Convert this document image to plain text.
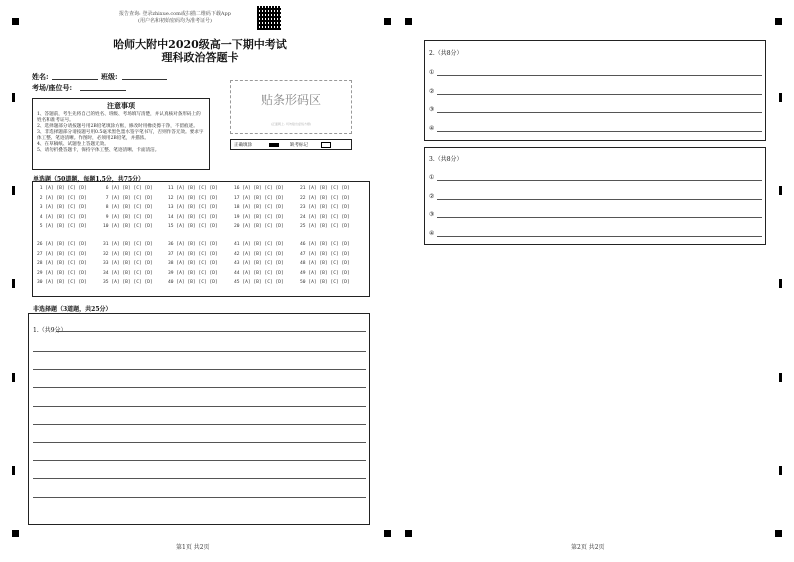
报告查询: 登录zhixue.com或扫描二维码下载App
(用户名和初始密码均为准考证号)
哈师大附中2020级高一下期中考试
理科政治答题卡
姓名:	班级:
考场/座位号:
注意事项
1、答题前，考生先将自己的姓名、班级、考场填写清楚，并认真核对条形码上的姓名和准考证号。
2、选择题部分请按题号用2B铅笔填涂方框，修改时用橡皮擦干净，不留痕迹。
3、非选择题部分请按题号用0.5毫米黑色墨水签字笔书写，否则作答无效。要求字体工整、笔迹清晰。作图时，必须用2B铅笔，并描浓。
4、在草稿纸、试题卷上答题无效。
5、请勿折叠答题卡，保持字体工整、笔迹清晰、卡面清洁。
贴条形码区
(正面朝上, 切勿贴出虚线方框)
正确填涂	缺考标记
单选题（50道题，每题1.5分，共75分）
 1 [A] [B] [C] [D]
 2 [A] [B] [C] [D]
 3 [A] [B] [C] [D]
 4 [A] [B] [C] [D]
 5 [A] [B] [C] [D]
 6 [A] [B] [C] [D]
 7 [A] [B] [C] [D]
 8 [A] [B] [C] [D]
 9 [A] [B] [C] [D]
10 [A] [B] [C] [D]
11 [A] [B] [C] [D]
12 [A] [B] [C] [D]
13 [A] [B] [C] [D]
14 [A] [B] [C] [D]
15 [A] [B] [C] [D]
16 [A] [B] [C] [D]
17 [A] [B] [C] [D]
18 [A] [B] [C] [D]
19 [A] [B] [C] [D]
20 [A] [B] [C] [D]
21 [A] [B] [C] [D]
22 [A] [B] [C] [D]
23 [A] [B] [C] [D]
24 [A] [B] [C] [D]
25 [A] [B] [C] [D]
26 [A] [B] [C] [D]
27 [A] [B] [C] [D]
28 [A] [B] [C] [D]
29 [A] [B] [C] [D]
30 [A] [B] [C] [D]
31 [A] [B] [C] [D]
32 [A] [B] [C] [D]
33 [A] [B] [C] [D]
34 [A] [B] [C] [D]
35 [A] [B] [C] [D]
36 [A] [B] [C] [D]
37 [A] [B] [C] [D]
38 [A] [B] [C] [D]
39 [A] [B] [C] [D]
40 [A] [B] [C] [D]
41 [A] [B] [C] [D]
42 [A] [B] [C] [D]
43 [A] [B] [C] [D]
44 [A] [B] [C] [D]
45 [A] [B] [C] [D]
46 [A] [B] [C] [D]
47 [A] [B] [C] [D]
48 [A] [B] [C] [D]
49 [A] [B] [C] [D]
50 [A] [B] [C] [D]
非选择题（3道题，共25分）
1.（共9分）
2.（共8分）
3.（共8分）
①
②
③
④
①
②
③
④
第1页 共2页	第2页 共2页
